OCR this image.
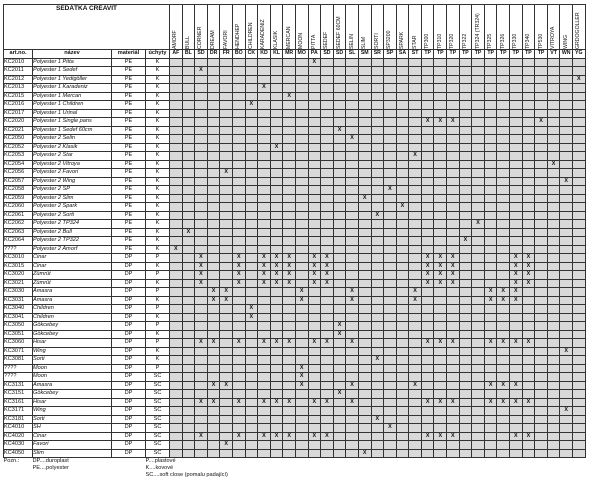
SEDÁTKA CREAVIT				AMORF	BULL	CORNER	DREAM	FAVORI	HENDHEP	CHILDREN	KARADENIZ	KLASIK	MERCAN	MOON	PITTA	SEDEF	SEDEF 60CM	SELIN	SLIM	SORTI	SP3200	SPARK	STAR	TP300	TP310	TP320	TP322	TP324 (TR324)	TP325	TP326	TP330	TP340	TP530	VITROYA	WING	GRDOGOLLER

art.no.	název	materiál	úchyty	AF	BL	SD	DR	FR	BO	CK	KD	KL	MR	MO	PA	SD	SD	SL	SM	SR	SP	SA	ST	TP	TP	TP	TP	TP	TP	TP	TP	TP	TP	VT	WN	YG
KC2010	Polyester 1 Pitta	PE	K												X																					
KC2011	Polyester 1 Sedef	PE	K			X																														
KC2012	Polyester 1 Yedigöller	PE	K																																	X
KC2013	Polyester 1 Karadeniz	PE	K								X																									
KC2015	Polyester 1 Mercan	PE	K										X																							
KC2016	Polyester 1 Children	PE	K							X																										
KC2017	Polyester 1 Urinal	PE	K																																	
KC2020	Polyester 1 Single pans	PE	K																					X	X	X							X			
KC2021	Polyester 1 Sedef 60cm	PE	K														X																			
KC2050	Polyester 2 Selin	PE	K															X																		
KC2052	Polyester 2 Klasik	PE	K									X																								
KC2053	Polyester 2 Star	PE	K																				X													
KC2054	Polyester 2 Vitroya	PE	K																															X		
KC2056	Polyester 2 Favori	PE	K					X																												
KC2057	Polyester 2 Wing	PE	K																																X	
KC2058	Polyester 2 SP	PE	K																		X															
KC2059	Polyester 2 Slim	PE	K																X																	
KC2060	Polyester 2 Spark	PE	K																			X														
KC2061	Polyester 2 Sorti	PE	K																	X																
KC2062	Polyester 2 TP324	PE	K																									X								
KC2063	Polyester 2 Bull	PE	K		X																															
KC2064	Polyester 2 TP322	PE	K																								X									
????	Polyester 2 Amorf	PE	K	X																																
KC3010	Cinar	DP	P			X			X		X	X	X		X	X								X	X	X					X	X				
KC3015	Cinar	DP	K			X			X		X	X	X		X	X								X	X	X					X	X				
KC3020	Zümrüt	DP	P			X			X		X	X	X		X	X								X	X	X					X	X				
KC3021	Zümrüt	DP	K			X			X		X	X	X		X	X								X	X	X					X	X				
KC3030	Amasra	DP	P				X	X						X				X					X						X	X	X					
KC3031	Amasra	DP	K				X	X						X				X					X						X	X	X					
KC3040	Children	DP	P							X																										
KC3041	Children	DP	K							X																										
KC3050	Gökcebey	DP	P														X																			
KC3051	Gökcebey	DP	K														X																			
KC3060	Hisar	DP	P			X	X		X		X	X	X		X	X		X						X	X	X			X	X	X	X				
KC3071	Wing	DP	K																																X	
KC3081	Sorti	DP	K																	X																
????	Moon	DP	P											X																						
????	Moon	DP	SC											X																						
KC3131	Amasra	DP	SC				X	X						X				X					X						X	X	X					
KC3151	Gökcebey	DP	SC														X																			
KC3161	Hisar	DP	SC			X	X		X		X	X	X		X	X		X						X	X	X			X	X	X	X				
KC3171	Wing	DP	SC																																X	
KC3181	Sorti	DP	SC																	X																
KC4010	SH	DP	SC																		X															
KC4020	Cinar	DP	SC			X			X		X	X	X		X	X								X	X	X					X	X				
KC4030	Favori	DP	SC					X																												
KC4050	Slim	DP	SC																X																	
Pozn.:	DP....duroplast		P....plastové																																	
	PE....polyester		K....kovové																																	
			SC....soft close (pomalu padající)																																	
